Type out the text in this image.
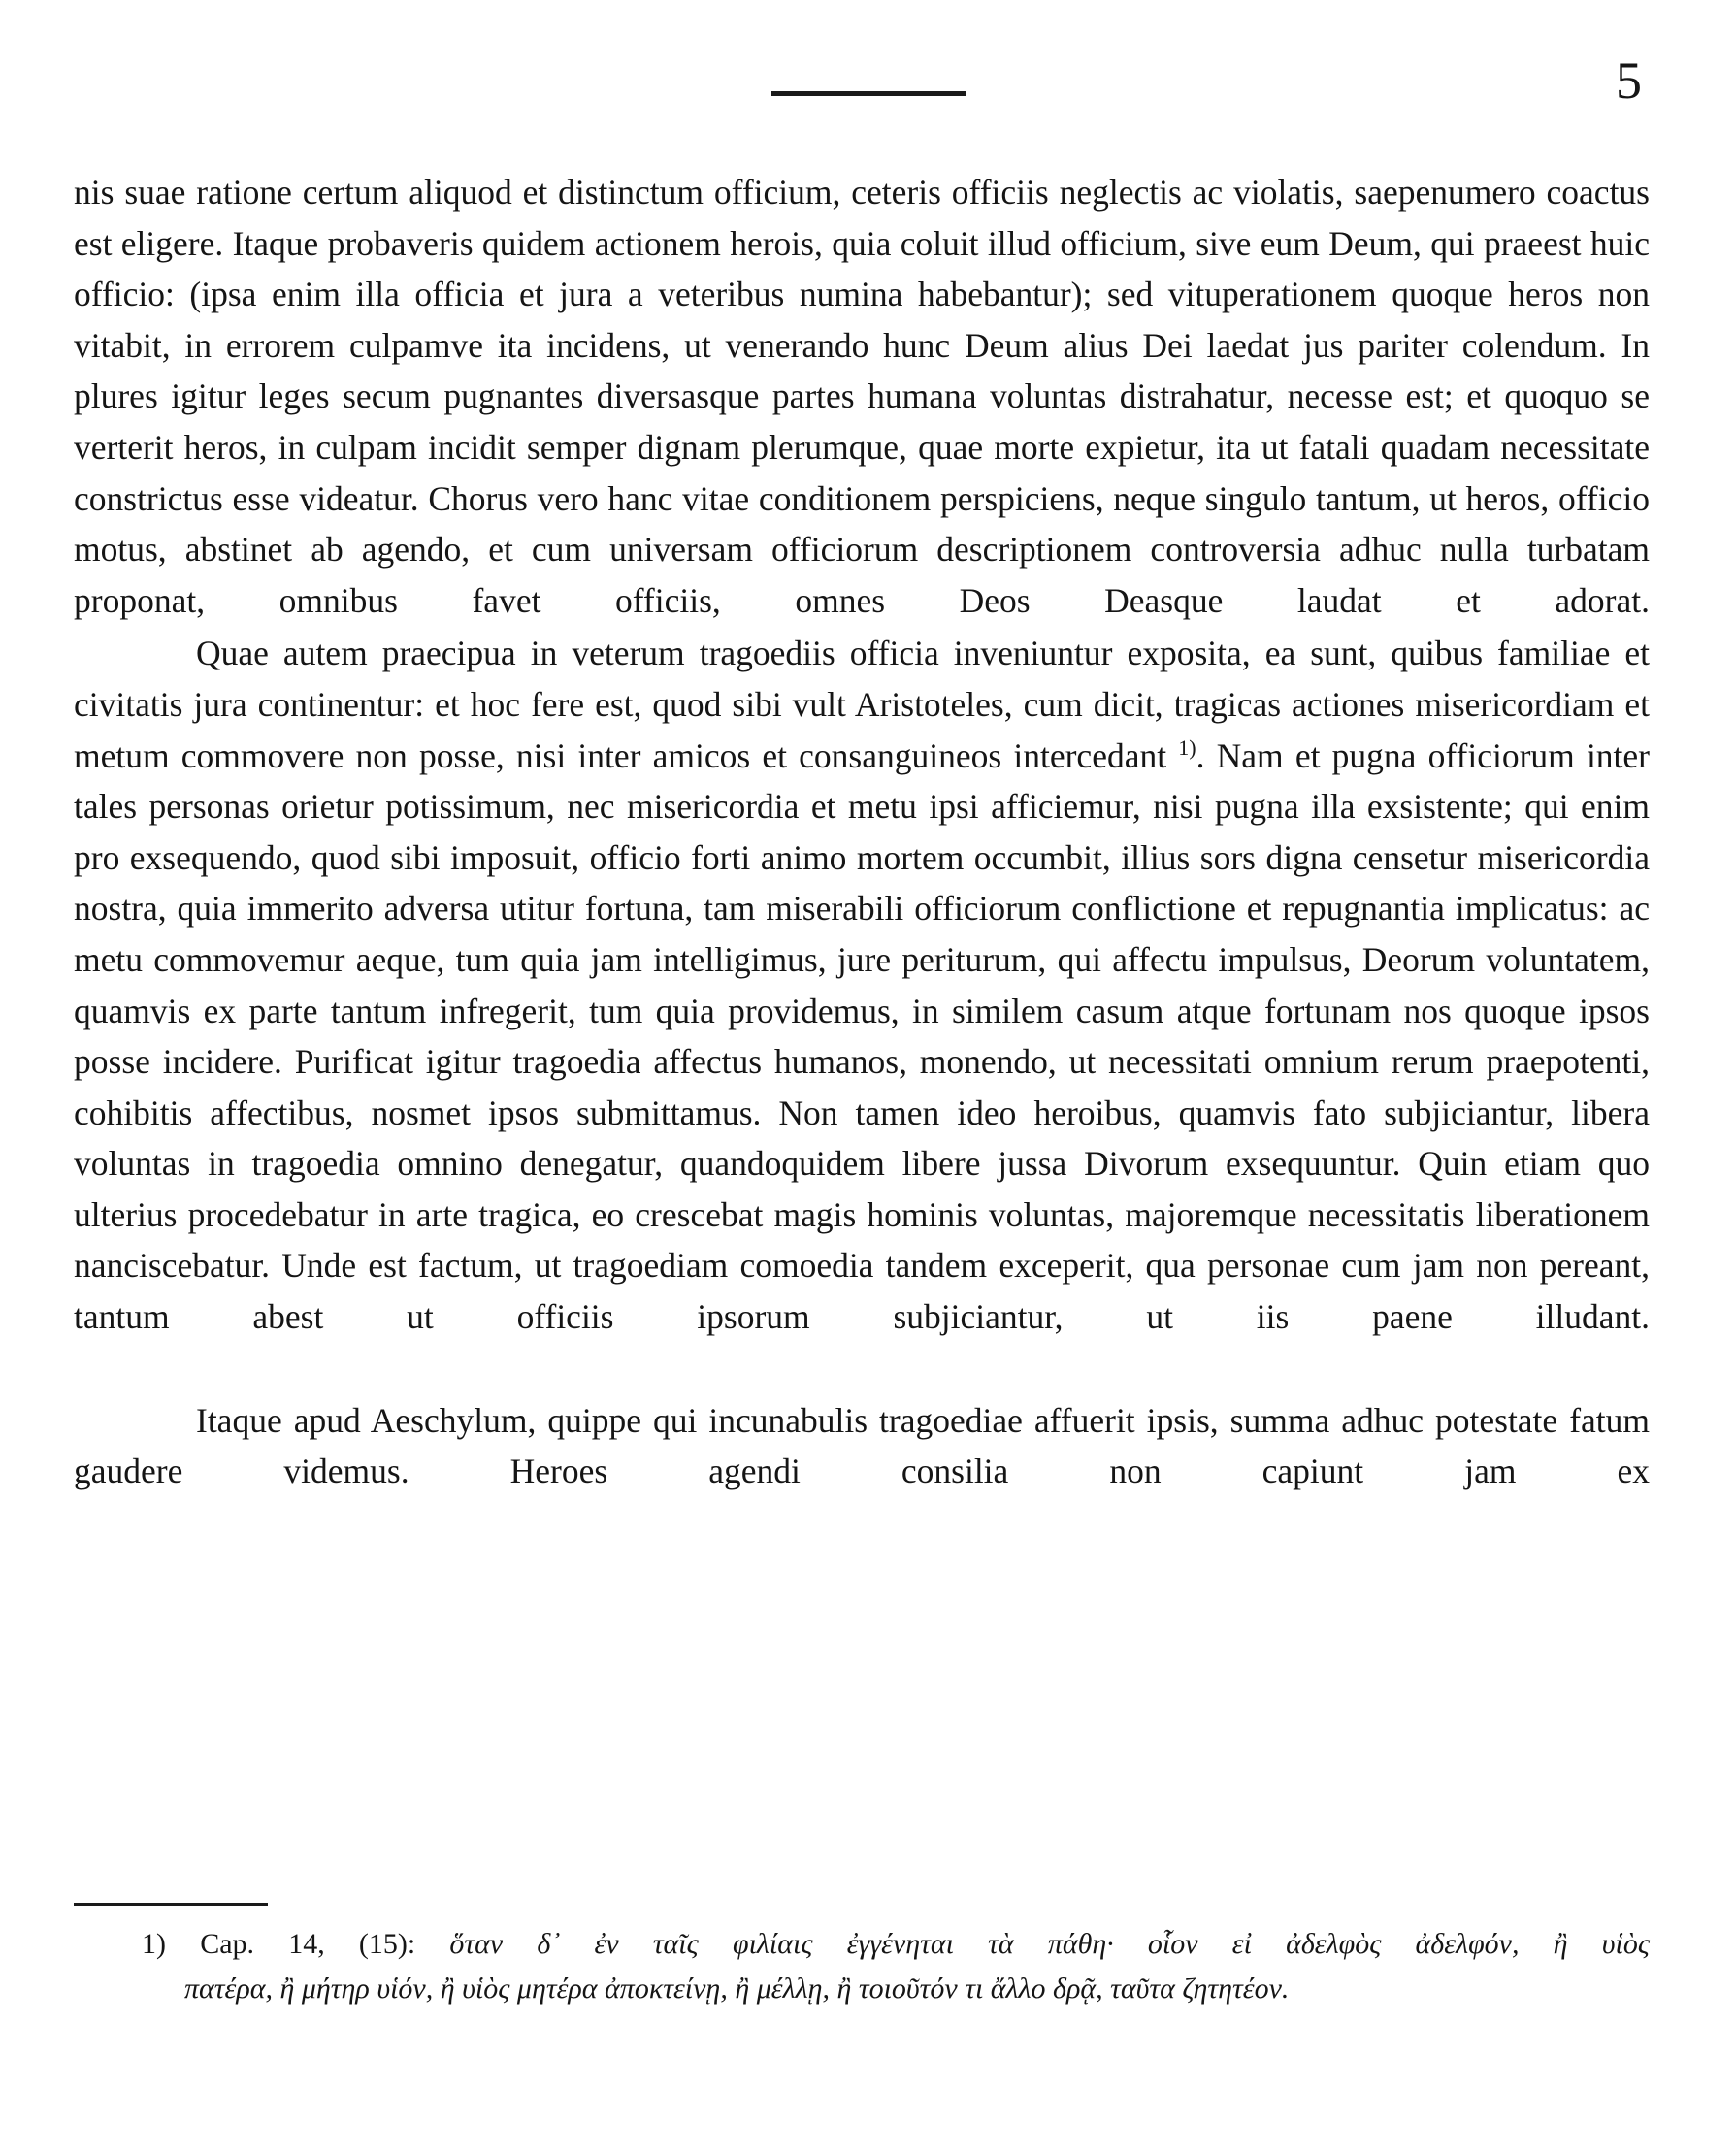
5

nis suae ratione certum aliquod et distinctum officium, ceteris officiis neglectis ac violatis, saepenumero coactus est eligere. Itaque probaveris quidem actionem herois, quia coluit illud officium, sive eum Deum, qui praeest huic officio: (ipsa enim illa officia et jura a veteribus numina habebantur); sed vituperationem quoque heros non vitabit, in errorem culpamve ita incidens, ut venerando hunc Deum alius Dei laedat jus pariter colendum. In plures igitur leges secum pugnantes diversasque partes humana voluntas distrahatur, necesse est; et quoquo se verterit heros, in culpam incidit semper dignam plerumque, quae morte expietur, ita ut fatali quadam necessitate constrictus esse videatur. Chorus vero hanc vitae conditionem perspiciens, neque singulo tantum, ut heros, officio motus, abstinet ab agendo, et cum universam officiorum descriptionem controversia adhuc nulla turbatam proponat, omnibus favet officiis, omnes Deos Deasque laudat et adorat.

Quae autem praecipua in veterum tragoediis officia inveniuntur exposita, ea sunt, quibus familiae et civitatis jura continentur: et hoc fere est, quod sibi vult Aristoteles, cum dicit, tragicas actiones misericordiam et metum commovere non posse, nisi inter amicos et consanguineos intercedant $^{1)}$. Nam et pugna officiorum inter tales personas orietur potissimum, nec misericordia et metu ipsi afficiemur, nisi pugna illa exsistente; qui enim pro exsequendo, quod sibi imposuit, officio forti animo mortem occumbit, illius sors digna censetur misericordia nostra, quia immerito adversa utitur fortuna, tam miserabili officiorum conflictione et repugnantia implicatus: ac metu commovemur aeque, tum quia jam intelligimus, jure periturum, qui affectu impulsus, Deorum voluntatem, quamvis ex parte tantum infregerit, tum quia providemus, in similem casum atque fortunam nos quoque ipsos posse incidere. Purificat igitur tragoedia affectus humanos, monendo, ut necessitati omnium rerum praepotenti, cohibitis affectibus, nosmet ipsos submittamus. Non tamen ideo heroibus, quamvis fato subjiciantur, libera voluntas in tragoedia omnino denegatur, quandoquidem libere jussa Divorum exsequuntur. Quin etiam quo ulterius procedebatur in arte tragica, eo crescebat magis hominis voluntas, majoremque necessitatis liberationem nanciscebatur. Unde est factum, ut tragoediam comoedia tandem exceperit, qua personae cum jam non pereant, tantum abest ut officiis ipsorum subjiciantur, ut iis paene illudant.

Itaque apud Aeschylum, quippe qui incunabulis tragoediae affuerit ipsis, summa adhuc potestate fatum gaudere videmus. Heroes agendi consilia non capiunt jam ex

1) Cap. 14, (15): ὅταν δ᾽ ἐν ταῖς φιλίαις ἐγγένηται τὰ πάθη· οἷον εἰ ἀδελφὸς ἀδελφόν, ἢ υἱὸς
πατέρα, ἢ μήτηρ υἱόν, ἢ υἱὸς μητέρα ἀποκτείνῃ, ἢ μέλλῃ, ἢ τοιοῦτόν τι ἄλλο δρᾷ, ταῦτα ζητητέον.
